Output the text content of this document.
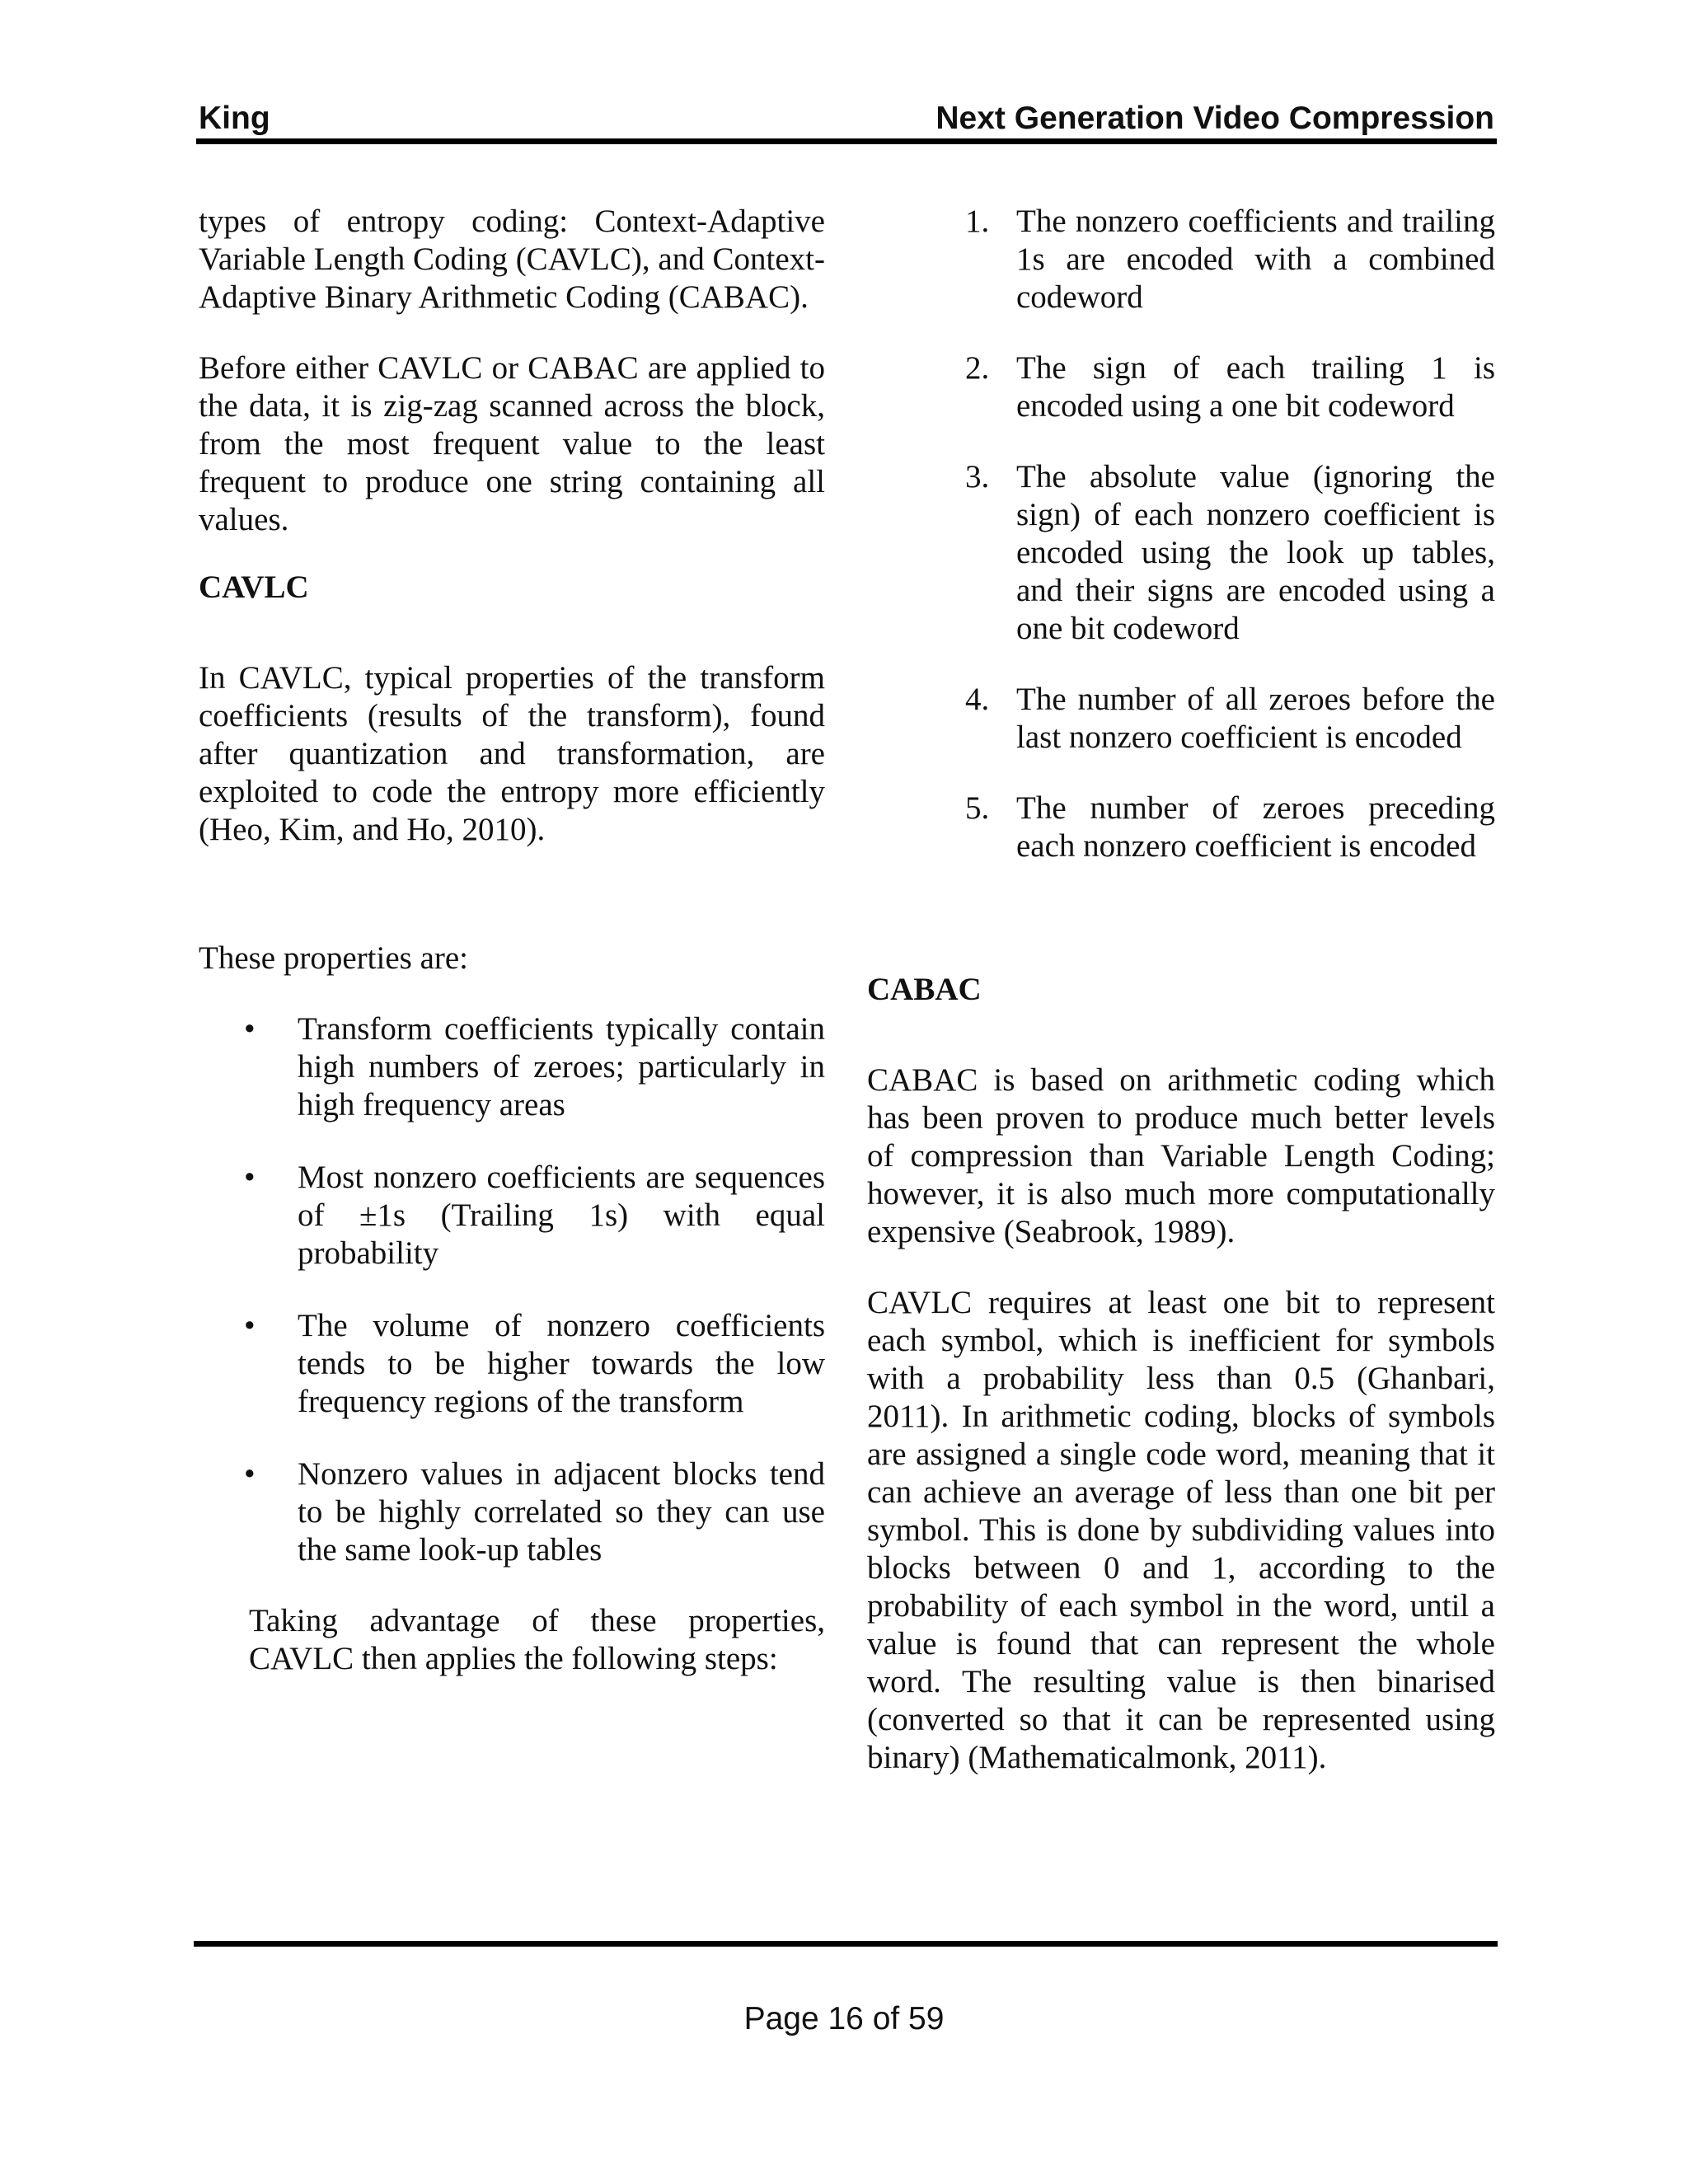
King	Next Generation Video Compression

types of entropy coding: Context-Adaptive Variable Length Coding (CAVLC), and Context-Adaptive Binary Arithmetic Coding (CABAC).

Before either CAVLC or CABAC are applied to the data, it is zig-zag scanned across the block, from the most frequent value to the least frequent to produce one string containing all values.

CAVLC

In CAVLC, typical properties of the transform coefficients (results of the transform), found after quantization and transformation, are exploited to code the entropy more efficiently (Heo, Kim, and Ho, 2010).

These properties are:

• Transform coefficients typically contain high numbers of zeroes; particularly in high frequency areas
• Most nonzero coefficients are sequences of ±1s (Trailing 1s) with equal probability
• The volume of nonzero coefficients tends to be higher towards the low frequency regions of the transform
• Nonzero values in adjacent blocks tend to be highly correlated so they can use the same look-up tables

Taking advantage of these properties, CAVLC then applies the following steps:

1. The nonzero coefficients and trailing 1s are encoded with a combined codeword
2. The sign of each trailing 1 is encoded using a one bit codeword
3. The absolute value (ignoring the sign) of each nonzero coefficient is encoded using the look up tables, and their signs are encoded using a one bit codeword
4. The number of all zeroes before the last nonzero coefficient is encoded
5. The number of zeroes preceding each nonzero coefficient is encoded

CABAC

CABAC is based on arithmetic coding which has been proven to produce much better levels of compression than Variable Length Coding; however, it is also much more computationally expensive (Seabrook, 1989).

CAVLC requires at least one bit to represent each symbol, which is inefficient for symbols with a probability less than 0.5 (Ghanbari, 2011). In arithmetic coding, blocks of symbols are assigned a single code word, meaning that it can achieve an average of less than one bit per symbol. This is done by subdividing values into blocks between 0 and 1, according to the probability of each symbol in the word, until a value is found that can represent the whole word. The resulting value is then binarised (converted so that it can be represented using binary) (Mathematicalmonk, 2011).

Page 16 of 59
